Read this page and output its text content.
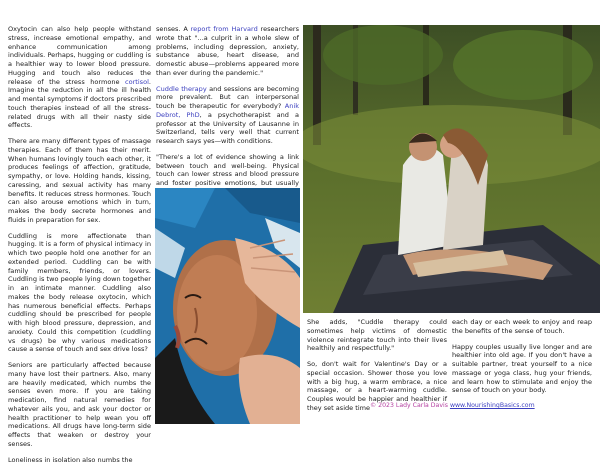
Oxytocin can also help people withstand stress, increase emotional empathy, and enhance communication among individuals. Perhaps, hugging or cuddling is a healthier way to lower blood pressure. Hugging and touch also reduces the release of the stress hormone cortisol. Imagine the reduction in all the ill health and mental symptoms if doctors prescribed touch therapies instead of all the stress-related drugs with all their nasty side effects.

There are many different types of massage therapies. Each of them has their merit. When humans lovingly touch each other, it produces feelings of affection, gratitude, sympathy, or love. Holding hands, kissing, caressing, and sexual activity has many benefits. It reduces stress hormones. Touch can also arouse emotions which in turn, makes the body secrete hormones and fluids in preparation for sex.

Cuddling is more affectionate than hugging. It is a form of physical intimacy in which two people hold one another for an extended period. Cuddling can be with family members, friends, or lovers. Cuddling is two people lying down together in an intimate manner. Cuddling also makes the body release oxytocin, which has numerous beneficial effects. Perhaps cuddling should be prescribed for people with high blood pressure, depression, and anxiety. Could this competition (cuddling vs drugs) be why various medications cause a sense of touch and sex drive loss?

Seniors are particularly affected because many have lost their partners. Also, many are heavily medicated, which numbs the senses even more. If you are taking medication, find natural remedies for whatever ails you, and ask your doctor or health practitioner to help wean you off medications. All drugs have long-term side effects that weaken or destroy your senses.

Loneliness in isolation also numbs the

senses. A report from Harvard researchers wrote that "...a culprit in a whole slew of problems, including depression, anxiety, substance abuse, heart disease, and domestic abuse—problems appeared more than ever during the pandemic."

Cuddle therapy and sessions are becoming more prevalent. But can interpersonal touch be therapeutic for everybody? Anik Debrot, PhD, a psychotherapist and a professor at the University of Lausanne in Switzerland, tells very well that current research says yes—with conditions.

"There's a lot of evidence showing a link between touch and well-being. Physical touch can lower stress and blood pressure and foster positive emotions, but usually

She adds, "Cuddle therapy could sometimes help victims of domestic violence reintegrate touch into their lives healthily and respectfully."

So, don't wait for Valentine's Day or a special occasion. Shower those you love with a big hug, a warm embrace, a nice massage, or a heart-warming cuddle. Couples would be happier and healthier if they set aside time

each day or each week to enjoy and reap the benefits of the sense of touch.

Happy couples usually live longer and are healthier into old age. If you don't have a suitable partner, treat yourself to a nice massage or yoga class, hug your friends, and learn how to stimulate and enjoy the sense of touch on your body.

© 2023 Lady Carla Davis www.NourishingBasics.com
